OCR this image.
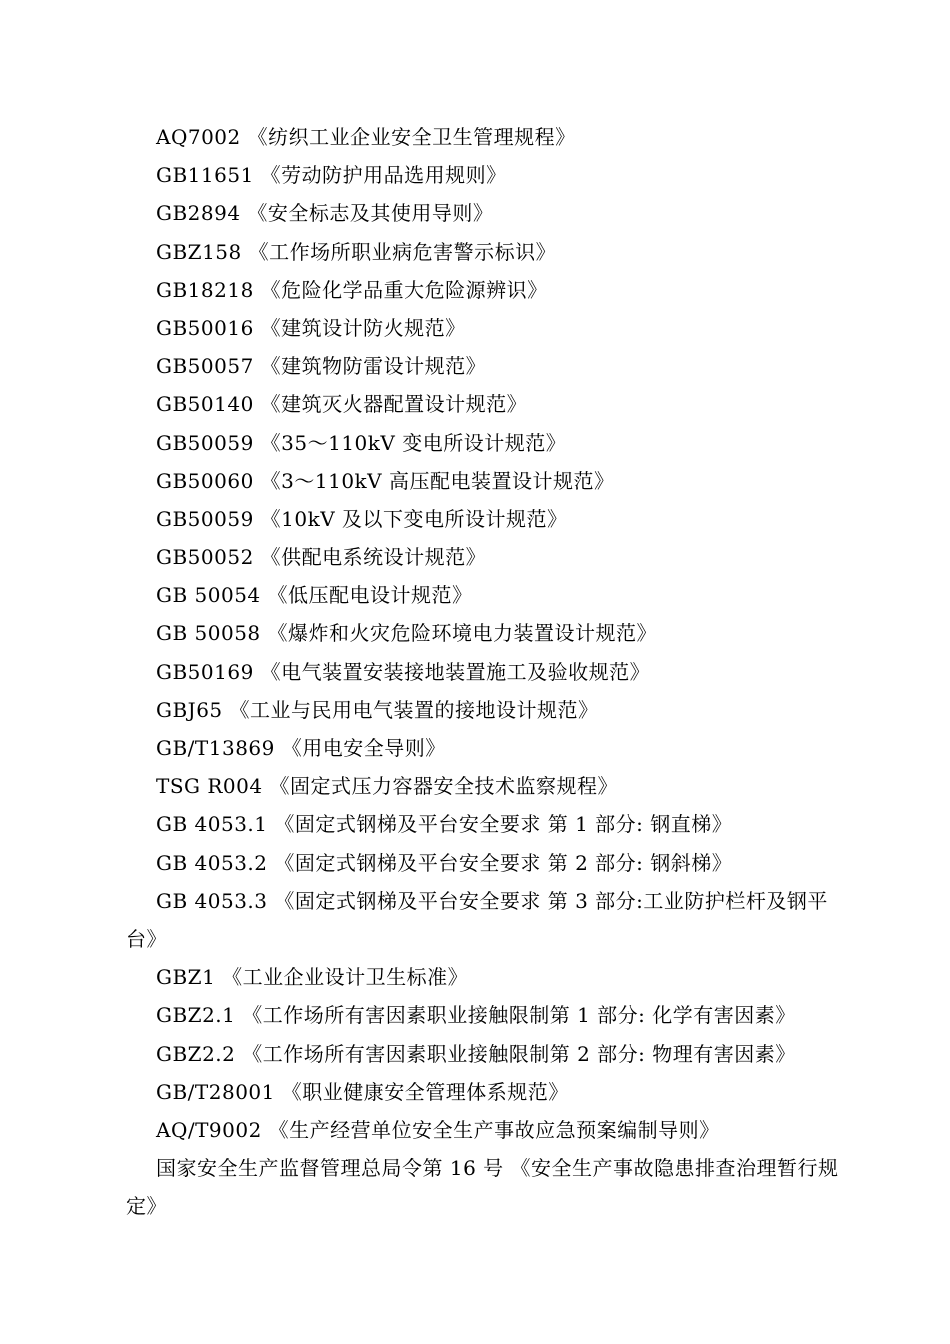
AQ7002 《纺织工业企业安全卫生管理规程》
GB11651 《劳动防护用品选用规则》
GB2894 《安全标志及其使用导则》
GBZ158 《工作场所职业病危害警示标识》
GB18218 《危险化学品重大危险源辨识》
GB50016 《建筑设计防火规范》
GB50057 《建筑物防雷设计规范》
GB50140 《建筑灭火器配置设计规范》
GB50059 《35～110kV 变电所设计规范》
GB50060 《3～110kV 高压配电装置设计规范》
GB50059 《10kV 及以下变电所设计规范》
GB50052 《供配电系统设计规范》
GB 50054 《低压配电设计规范》
GB 50058 《爆炸和火灾危险环境电力装置设计规范》
GB50169 《电气装置安装接地装置施工及验收规范》
GBJ65 《工业与民用电气装置的接地设计规范》
GB/T13869 《用电安全导则》
TSG R004 《固定式压力容器安全技术监察规程》
GB 4053.1 《固定式钢梯及平台安全要求 第 1 部分: 钢直梯》
GB 4053.2 《固定式钢梯及平台安全要求 第 2 部分: 钢斜梯》
GB 4053.3 《固定式钢梯及平台安全要求 第 3 部分:工业防护栏杆及钢平台》
GBZ1 《工业企业设计卫生标准》
GBZ2.1 《工作场所有害因素职业接触限制第 1 部分: 化学有害因素》
GBZ2.2 《工作场所有害因素职业接触限制第 2 部分: 物理有害因素》
GB/T28001 《职业健康安全管理体系规范》
AQ/T9002 《生产经营单位安全生产事故应急预案编制导则》
国家安全生产监督管理总局令第 16 号 《安全生产事故隐患排查治理暂行规定》
